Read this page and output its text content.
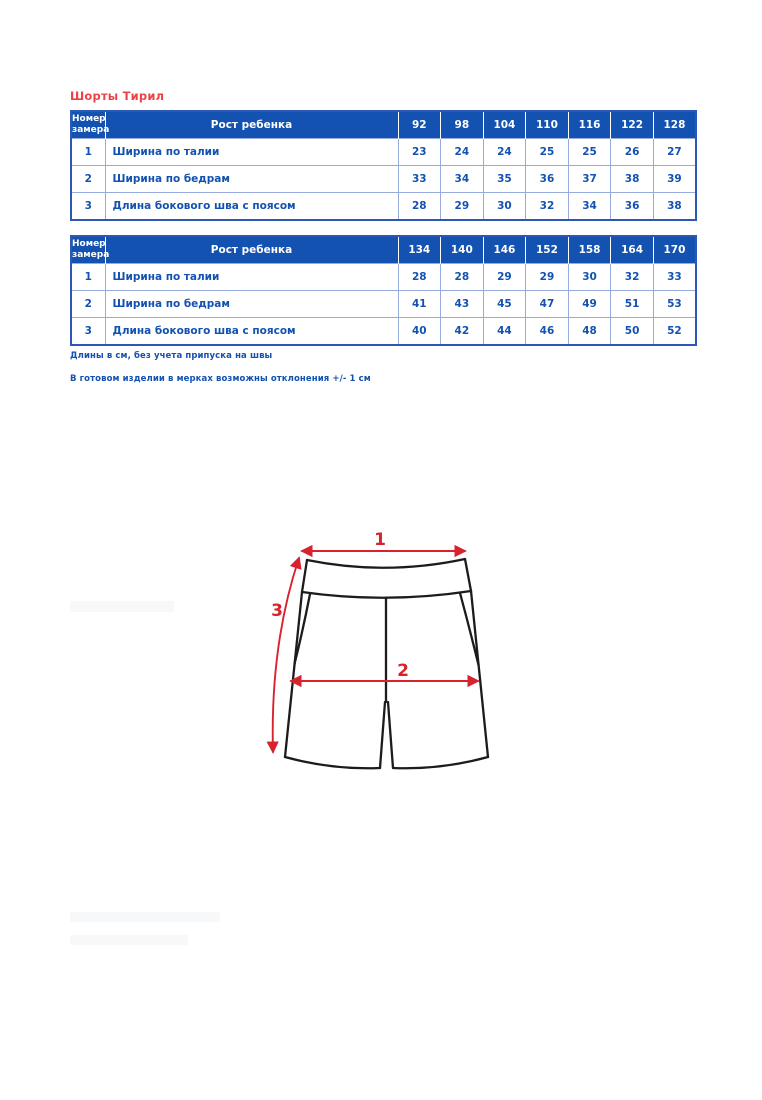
Шорты Тирил
Номер замера	Рост ребенка	92	98	104	110	116	122	128
1	Ширина по талии	23	24	24	25	25	26	27
2	Ширина по бедрам	33	34	35	36	37	38	39
3	Длина бокового шва с поясом	28	29	30	32	34	36	38
Номер замера	Рост ребенка	134	140	146	152	158	164	170
1	Ширина по талии	28	28	29	29	30	32	33
2	Ширина по бедрам	41	43	45	47	49	51	53
3	Длина бокового шва с поясом	40	42	44	46	48	50	52

Длины в см, без учета припуска на швы

В готовом изделии в мерках возможны отклонения +/- 1 см

1
2
3
